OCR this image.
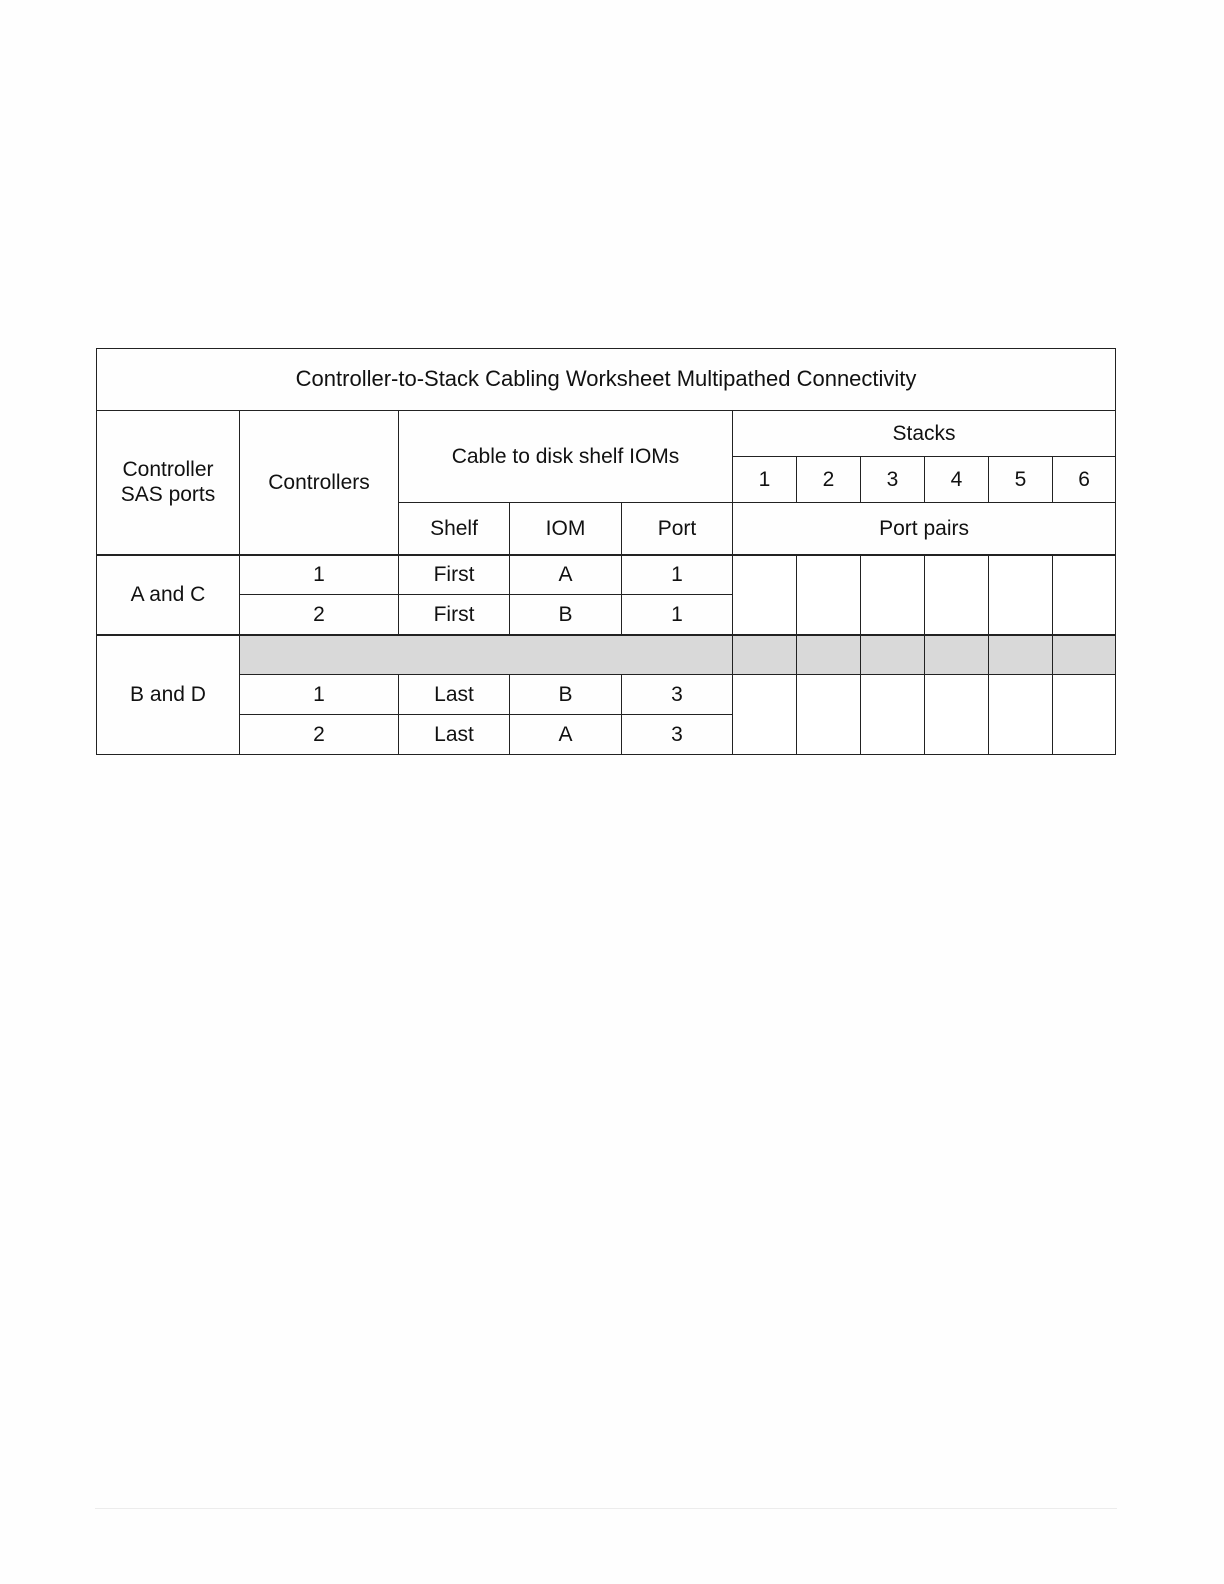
Controller-to-Stack Cabling Worksheet Multipathed Connectivity										

Controller SAS ports	Controllers	Cable to disk shelf IOMs			Stacks					
					1	2	3	4	5	6
		Shelf	IOM	Port	Port pairs					
A and C	1	First	A	1						
	2	First	B	1						
B and D										
	1	Last	B	3						
	2	Last	A	3						
